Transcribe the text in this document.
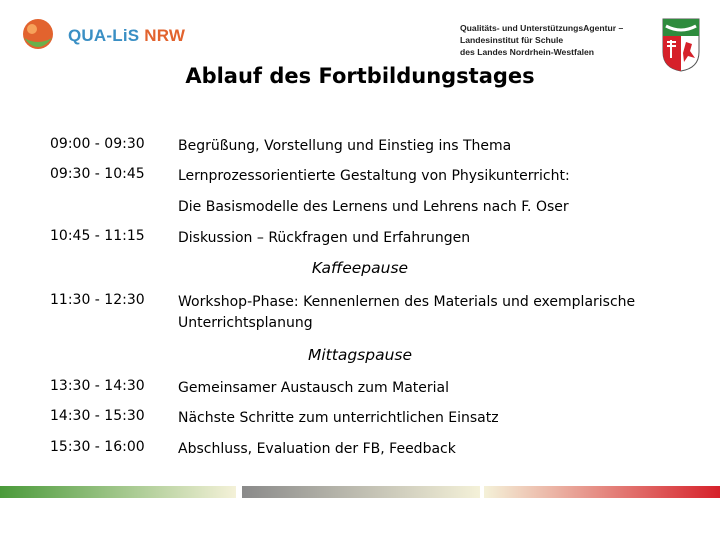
QUA-LiS NRW	Qualitäts- und UnterstützungsAgentur –
Landesinstitut für Schule
des Landes Nordrhein-Westfalen
Ablauf des Fortbildungstages
09:00 - 09:30 Begrüßung, Vorstellung und Einstieg ins Thema
09:30 - 10:45 Lernprozessorientierte Gestaltung von Physikunterricht:
Die Basismodelle des Lernens und Lehrens nach F. Oser
10:45 - 11:15 Diskussion – Rückfragen und Erfahrungen
Kaffeepause
11:30 - 12:30 Workshop-Phase: Kennenlernen des Materials und exemplarische Unterrichtsplanung
Mittagspause
13:30 - 14:30 Gemeinsamer Austausch zum Material
14:30 - 15:30 Nächste Schritte zum unterrichtlichen Einsatz
15:30 - 16:00 Abschluss, Evaluation der FB, Feedback
